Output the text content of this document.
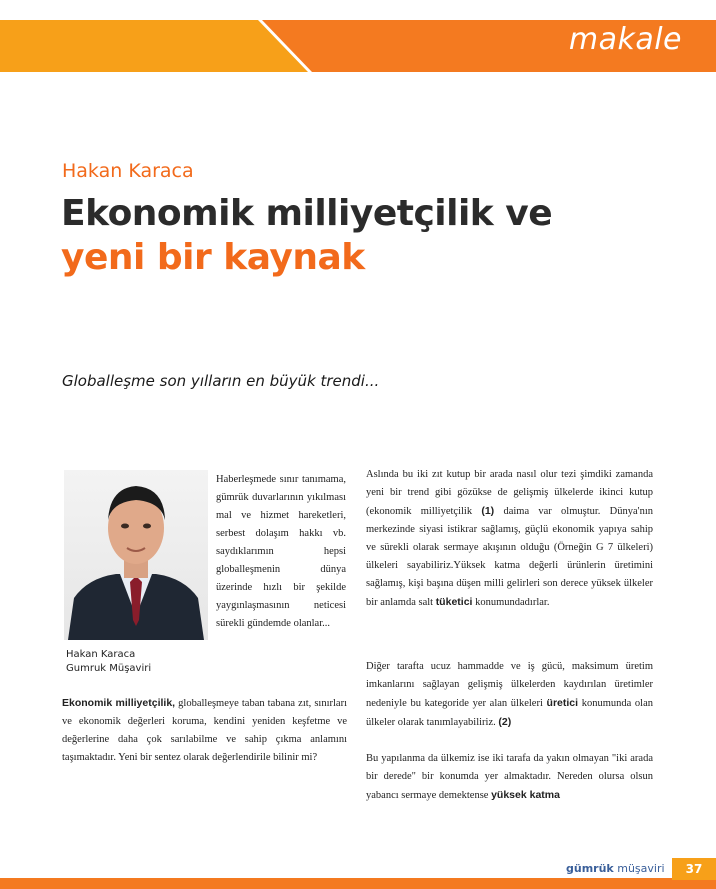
makale
Hakan Karaca
Ekonomik milliyetçilik ve
yeni bir kaynak
Globalleşme son yılların en büyük trendi...
Hakan Karaca
Gumruk Müşaviri
Haberleşmede sınır tanımama, gümrük duvarlarının yıkılması mal ve hizmet hareketleri, serbest dolaşım hakkı vb. saydıklarımın hepsi globalleşmenin dünya üzerinde hızlı bir şekilde yaygınlaşmasının neticesi sürekli gündemde olanlar...
Ekonomik milliyetçilik, globalleşmeye taban tabana zıt, sınırları ve ekonomik değerleri koruma, kendini yeniden keşfetme ve değerlerine daha çok sarılabilme ve sahip çıkma anlamını taşımaktadır. Yeni bir sentez olarak değerlendirile bilinir mi?
Aslında bu iki zıt kutup bir arada nasıl olur tezi şimdiki zamanda yeni bir trend gibi gözükse de gelişmiş ülkelerde ikinci kutup (ekonomik milliyetçilik (1) daima var olmuştur. Dünya'nın merkezinde siyasi istikrar sağlamış, güçlü ekonomik yapıya sahip ve sürekli olarak sermaye akışının olduğu (Örneğin G 7 ülkeleri) ülkeleri sayabiliriz.Yüksek katma değerli ürünlerin üretimini sağlamış, kişi başına düşen milli gelirleri son derece yüksek ülkeler bir anlamda salt tüketici konumundadırlar.
Diğer tarafta ucuz hammadde ve iş gücü, maksimum üretim imkanlarını sağlayan gelişmiş ülkelerden kaydırılan üretimler nedeniyle bu kategoride yer alan ülkeleri üretici konumunda olan ülkeler olarak tanımlayabiliriz. (2)
Bu yapılanma da ülkemiz ise iki tarafa da yakın olmayan "iki arada bir derede" bir konumda yer almaktadır. Nereden olursa olsun yabancı sermaye demektense yüksek katma
gümrük müşaviri	37
